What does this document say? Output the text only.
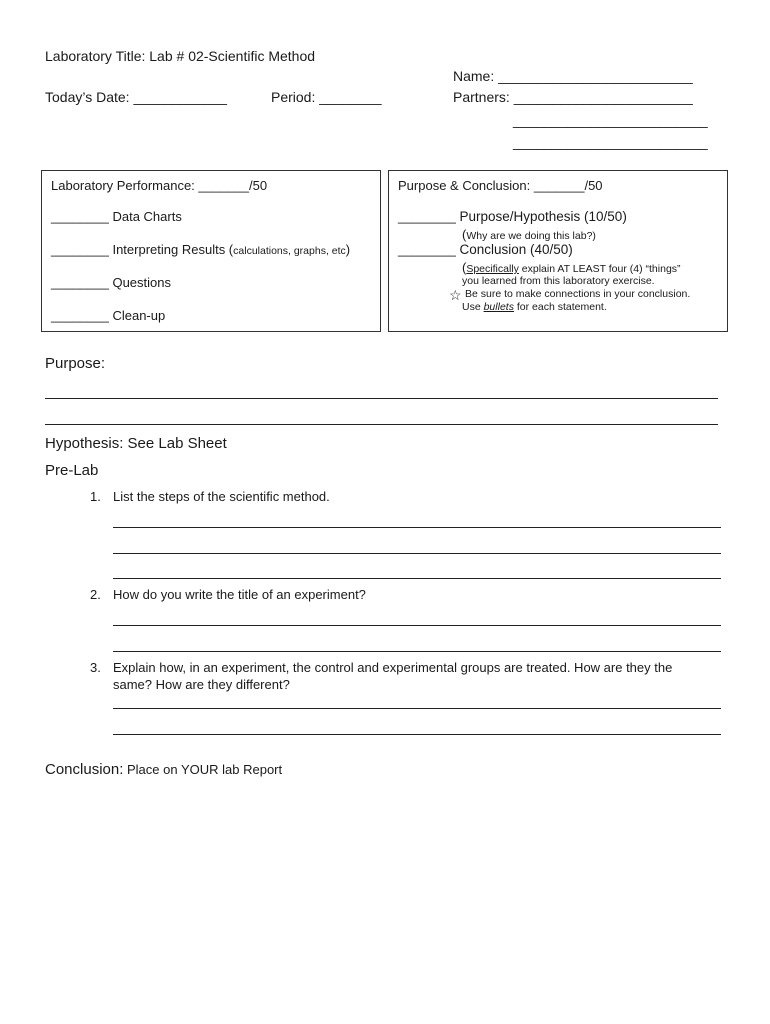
Laboratory Title: Lab # 02-Scientific Method
Today’s Date: ____________	Period: ________
Name: _________________________
Partners: _______________________
_________________________
_________________________
Laboratory Performance: _______/50
________ Data Charts
________ Interpreting Results (calculations, graphs, etc)
________ Questions
________ Clean-up
Purpose & Conclusion: _______/50
________ Purpose/Hypothesis (10/50)
(Why are we doing this lab?)
________ Conclusion (40/50)
(Specifically explain AT LEAST four (4) “things”
you learned from this laboratory exercise.
☆ Be sure to make connections in your conclusion.
Use bullets for each statement.
Purpose:
Hypothesis: See Lab Sheet
Pre-Lab
1. List the steps of the scientific method.
2. How do you write the title of an experiment?
3. Explain how, in an experiment, the control and experimental groups are treated. How are they the
same? How are they different?
Conclusion: Place on YOUR lab Report
